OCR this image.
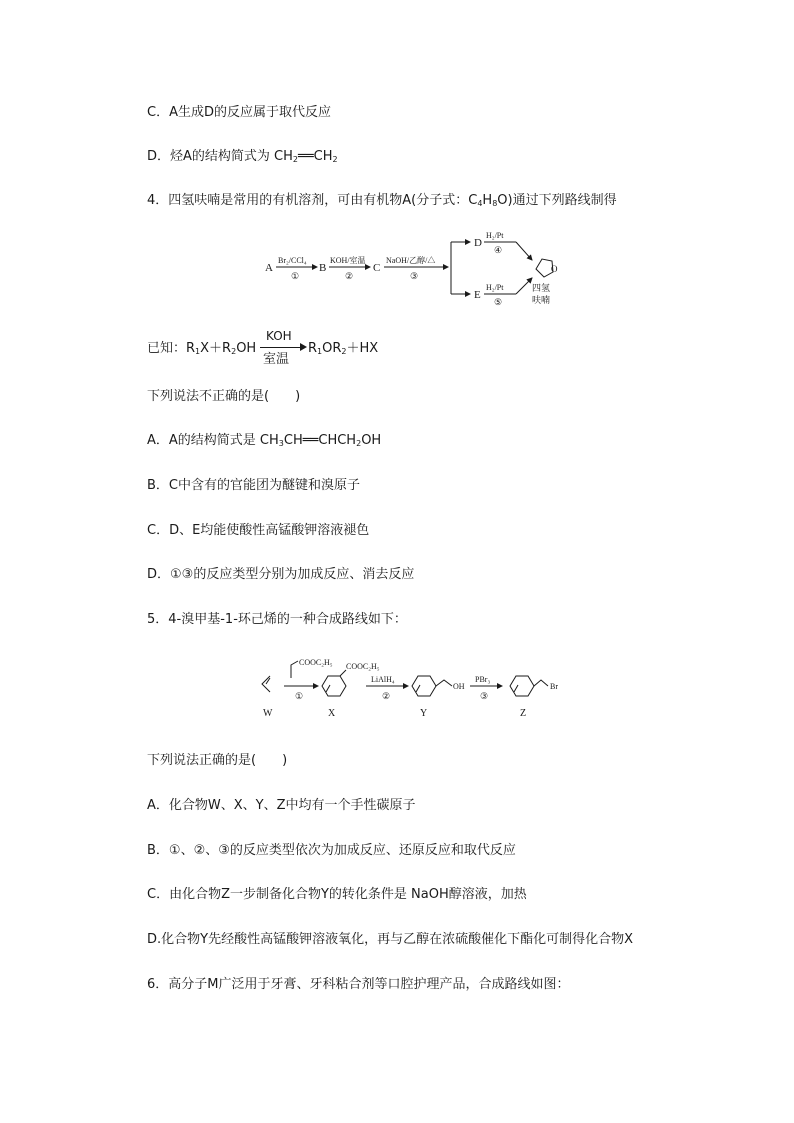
C．A生成D的反应属于取代反应
D．烃A的结构简式为 $CH_2══CH_2$
4．四氢呋喃是常用的有机溶剂，可由有机物A(分子式：$C_4H_8O$)通过下列路线制得
A
Br₂/CCl₄
①
B
KOH/室温
②
C
NaOH/乙醇/△
③
D
E
H₂/Pt
④
H₂/Pt
⑤
O
四氢
呋喃
已知：$R_1X+R_2OH$
KOH
室温
$R_1OR_2+HX$
下列说法不正确的是(　　)
A．A的结构简式是 $CH_3CH══CHCH_2OH$
B．C中含有的官能团为醚键和溴原子
C．D、E均能使酸性高锰酸钾溶液褪色
D．①③的反应类型分别为加成反应、消去反应
5．4-溴甲基-1-环己烯的一种合成路线如下：
W
COOC₂H₅
①
COOC₂H₅
X
LiAlH₄
②
OH
Y
PBr₃
③
Br
Z
下列说法正确的是(　　)
A．化合物W、X、Y、Z中均有一个手性碳原子
B．①、②、③的反应类型依次为加成反应、还原反应和取代反应
C．由化合物Z一步制备化合物Y的转化条件是 NaOH醇溶液，加热
D.化合物Y先经酸性高锰酸钾溶液氧化，再与乙醇在浓硫酸催化下酯化可制得化合物X
6．高分子M广泛用于牙膏、牙科粘合剂等口腔护理产品，合成路线如图：
